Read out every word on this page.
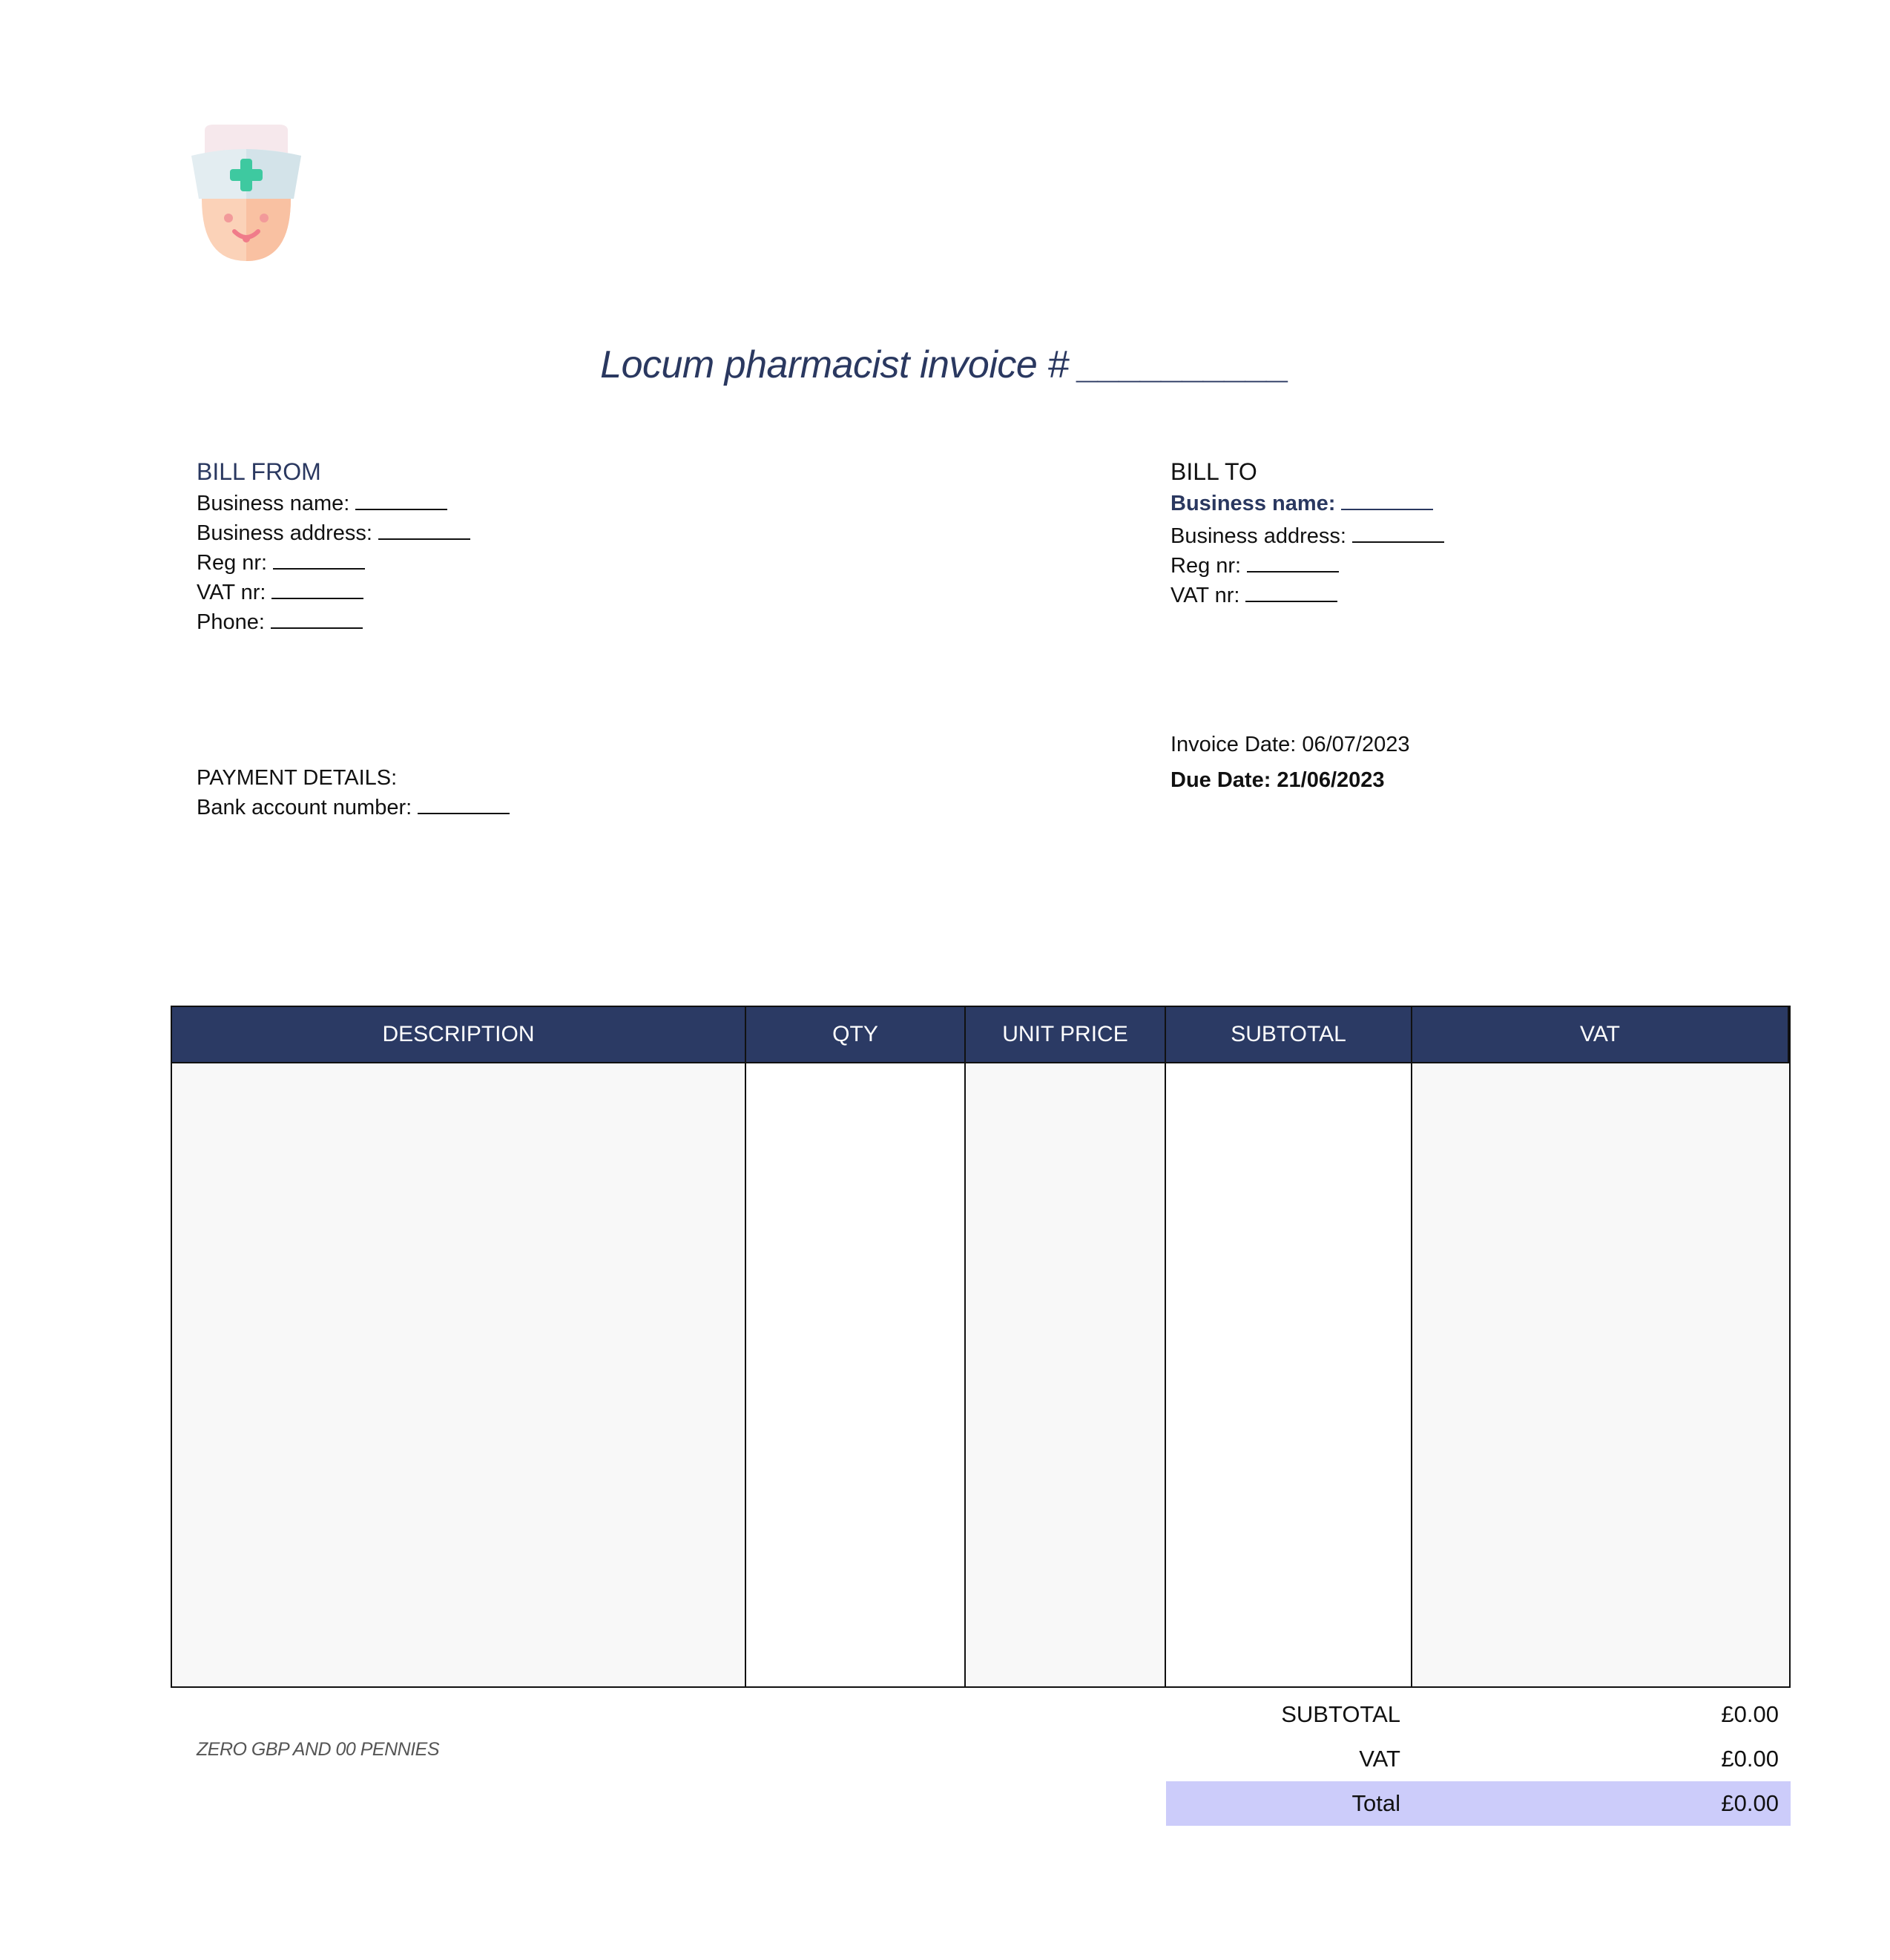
Locum pharmacist invoice # __________
BILL FROM
Business name:
Business address:
Reg nr:
VAT nr:
Phone:
BILL TO
Business name:
Business address:
Reg nr:
VAT nr:
Invoice Date: 06/07/2023
Due Date: 21/06/2023
PAYMENT DETAILS:
Bank account number:
DESCRIPTION	QTY	UNIT PRICE	SUBTOTAL	VAT
ZERO GBP AND 00 PENNIES
SUBTOTAL	£0.00
VAT	£0.00
Total	£0.00
